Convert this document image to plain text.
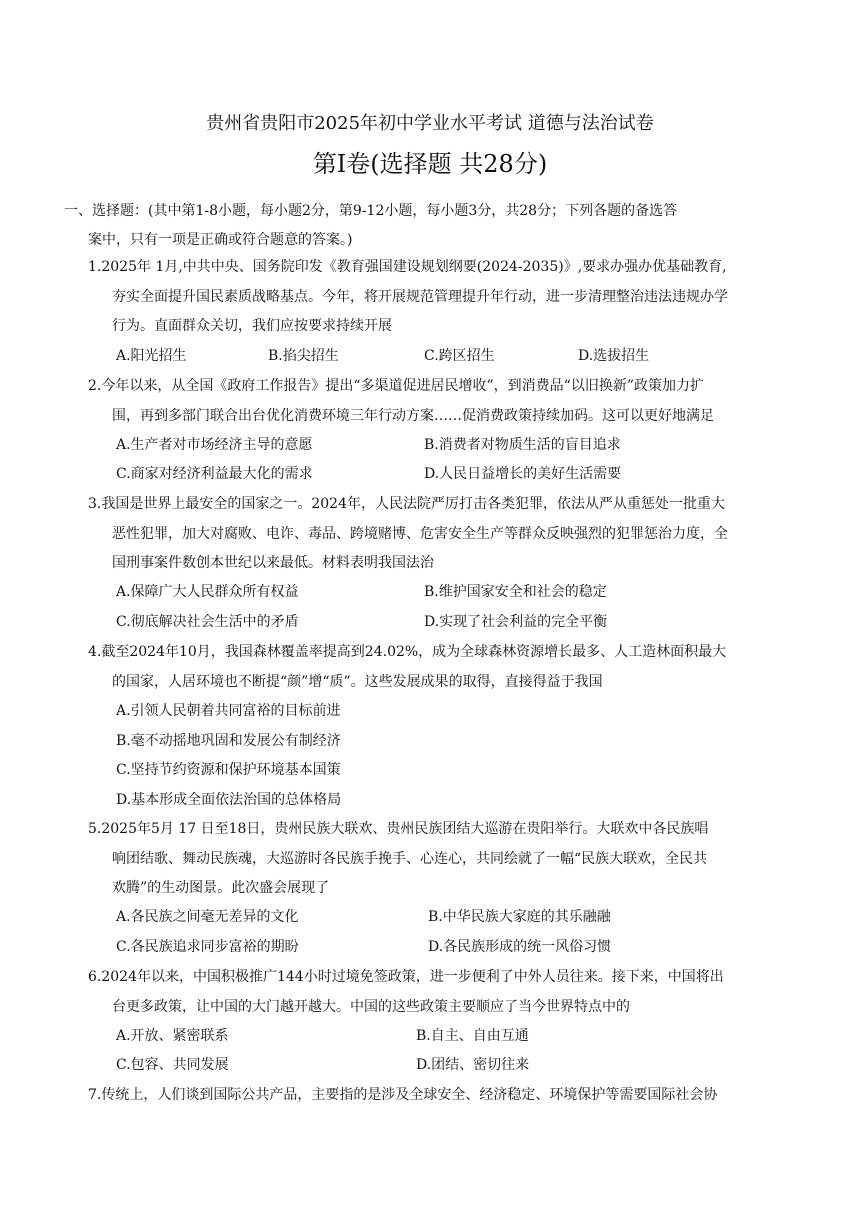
贵州省贵阳市2025年初中学业水平考试 道德与法治试卷
第Ⅰ卷(选择题 共28分)
一、选择题：(其中第1-8小题，每小题2分，第9-12小题，每小题3分，共28分；下列各题的备选答
案中，只有一项是正确或符合题意的答案。)
1.2025年 1月,中共中央、国务院印发《教育强国建设规划纲要(2024-2035)》,要求办强办优基础教育,
夯实全面提升国民素质战略基点。今年，将开展规范管理提升年行动，进一步清理整治违法违规办学
行为。直面群众关切，我们应按要求持续开展
A.阳光招生	B.掐尖招生	C.跨区招生	D.选拔招生
2.今年以来，从全国《政府工作报告》提出“多渠道促进居民增收”，到消费品“以旧换新”政策加力扩
围，再到多部门联合出台优化消费环境三年行动方案……促消费政策持续加码。这可以更好地满足
A.生产者对市场经济主导的意愿	B.消费者对物质生活的盲目追求
C.商家对经济利益最大化的需求	D.人民日益增长的美好生活需要
3.我国是世界上最安全的国家之一。2024年，人民法院严厉打击各类犯罪，依法从严从重惩处一批重大
恶性犯罪，加大对腐败、电诈、毒品、跨境赌博、危害安全生产等群众反映强烈的犯罪惩治力度，全
国刑事案件数创本世纪以来最低。材料表明我国法治
A.保障广大人民群众所有权益	B.维护国家安全和社会的稳定
C.彻底解决社会生活中的矛盾	D.实现了社会利益的完全平衡
4.截至2024年10月，我国森林覆盖率提高到24.02%，成为全球森林资源增长最多、人工造林面积最大
的国家，人居环境也不断提“颜”增“质”。这些发展成果的取得，直接得益于我国
A.引领人民朝着共同富裕的目标前进
B.毫不动摇地巩固和发展公有制经济
C.坚持节约资源和保护环境基本国策
D.基本形成全面依法治国的总体格局
5.2025年5月 17 日至18日，贵州民族大联欢、贵州民族团结大巡游在贵阳举行。大联欢中各民族唱
响团结歌、舞动民族魂，大巡游时各民族手挽手、心连心，共同绘就了一幅“民族大联欢，全民共
欢腾”的生动图景。此次盛会展现了
A.各民族之间毫无差异的文化	B.中华民族大家庭的其乐融融
C.各民族追求同步富裕的期盼	D.各民族形成的统一风俗习惯
6.2024年以来，中国积极推广144小时过境免签政策，进一步便利了中外人员往来。接下来，中国将出
台更多政策，让中国的大门越开越大。中国的这些政策主要顺应了当今世界特点中的
A.开放、紧密联系	B.自主、自由互通
C.包容、共同发展	D.团结、密切往来
7.传统上，人们谈到国际公共产品，主要指的是涉及全球安全、经济稳定、环境保护等需要国际社会协
